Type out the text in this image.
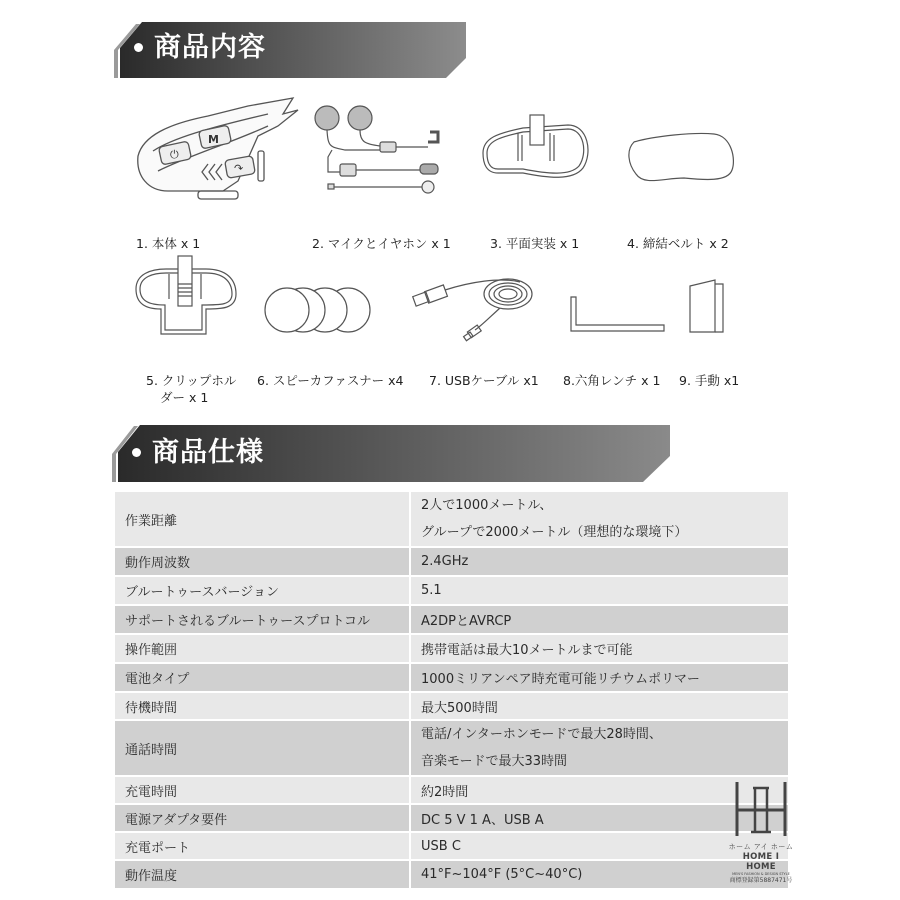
商品内容
⏻
M
↷
1. 本体 x 1	2. マイクとイヤホン x 1	3. 平面実装 x 1	4. 締結ベルト x 2
5. クリップホル
ダー x 1
6. スピーカファスナー x4 7. USBケーブル x1 8.六角レンチ x 1 9. 手動 x1
商品仕様
作業距離	2人で1000メートル、
グループで2000メートル（理想的な環境下）

動作周波数	2.4GHz
ブルートゥースバージョン	5.1
サポートされるブルートゥースプロトコル	A2DPとAVRCP
操作範囲	携帯電話は最大10メートルまで可能
電池タイプ	1000ミリアンペア時充電可能リチウムポリマー
待機時間	最大500時間
通話時間	電話/インターホンモードで最大28時間、
音楽モードで最大33時間

充電時間	約2時間
電源アダプタ要件	DC 5 V 1 A、USB A
充電ポート	USB C
動作温度	41°F~104°F (5°C~40°C)
ホーム アイ ホーム
HOME I HOME
MEN'S FASHION & DESIGN STYLE
商標登録第5887471号
